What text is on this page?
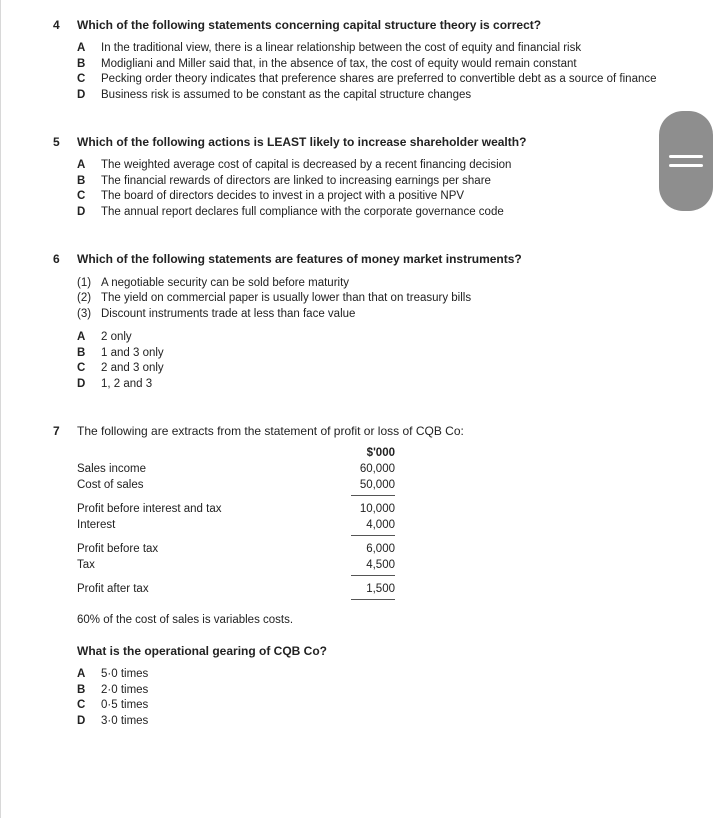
4 Which of the following statements concerning capital structure theory is correct?
A In the traditional view, there is a linear relationship between the cost of equity and financial risk
B Modigliani and Miller said that, in the absence of tax, the cost of equity would remain constant
C Pecking order theory indicates that preference shares are preferred to convertible debt as a source of finance
D Business risk is assumed to be constant as the capital structure changes
5 Which of the following actions is LEAST likely to increase shareholder wealth?
A The weighted average cost of capital is decreased by a recent financing decision
B The financial rewards of directors are linked to increasing earnings per share
C The board of directors decides to invest in a project with a positive NPV
D The annual report declares full compliance with the corporate governance code
6 Which of the following statements are features of money market instruments?
(1) A negotiable security can be sold before maturity
(2) The yield on commercial paper is usually lower than that on treasury bills
(3) Discount instruments trade at less than face value
A 2 only
B 1 and 3 only
C 2 and 3 only
D 1, 2 and 3
7 The following are extracts from the statement of profit or loss of CQB Co:
Sales income
Cost of sales
Profit before interest and tax
Interest
Profit before tax
Tax
Profit after tax
$'000
60,000
50,000
10,000
4,000
6,000
4,500
1,500
60% of the cost of sales is variables costs.
What is the operational gearing of CQB Co?
A 5·0 times
B 2·0 times
C 0·5 times
D 3·0 times
